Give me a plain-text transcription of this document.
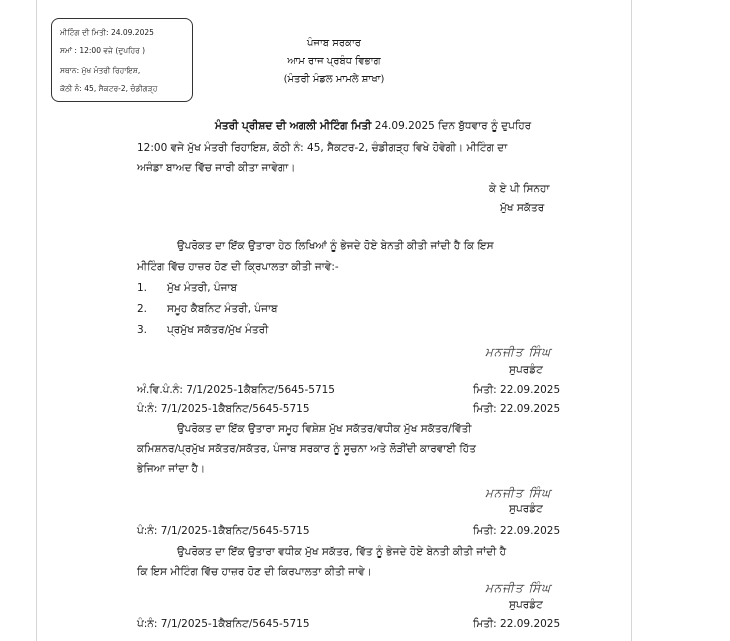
ਮੀਟਿੰਗ ਦੀ ਮਿਤੀ: 24.09.2025
ਸਮਾਂ : 12:00 ਵਜੇ (ਦੁਪਹਿਰ )
ਸਥਾਨ: ਮੁੱਖ ਮੰਤਰੀ ਰਿਹਾਇਸ਼,
ਕੋਠੀ ਨੰ: 45, ਸੈਕਟਰ-2, ਚੰਡੀਗੜ੍ਹ
ਪੰਜਾਬ ਸਰਕਾਰ
ਆਮ ਰਾਜ ਪ੍ਰਬੰਧ ਵਿਭਾਗ
(ਮੰਤਰੀ ਮੰਡਲ ਮਾਮਲੇ ਸ਼ਾਖਾ)
ਮੰਤਰੀ ਪ੍ਰੀਸ਼ਦ ਦੀ ਅਗਲੀ ਮੀਟਿੰਗ ਮਿਤੀ 24.09.2025 ਦਿਨ ਬੁੱਧਵਾਰ ਨੂੰ ਦੁਪਹਿਰ
12:00 ਵਜੇ ਮੁੱਖ ਮੰਤਰੀ ਰਿਹਾਇਸ਼, ਕੋਠੀ ਨੰ: 45, ਸੈਕਟਰ-2, ਚੰਡੀਗੜ੍ਹ ਵਿਖੇ ਹੋਵੇਗੀ। ਮੀਟਿੰਗ ਦਾ
ਅਜੰਡਾ ਬਾਅਦ ਵਿੱਚ ਜਾਰੀ ਕੀਤਾ ਜਾਵੇਗਾ।
ਕੇ ਏ ਪੀ ਸਿਨਹਾ
ਮੁੱਖ ਸਕੱਤਰ
ਉਪਰੋਕਤ ਦਾ ਇੱਕ ਉਤਾਰਾ ਹੇਠ ਲਿਖਿਆਂ ਨੂੰ ਭੇਜਦੇ ਹੋਏ ਬੇਨਤੀ ਕੀਤੀ ਜਾਂਦੀ ਹੈ ਕਿ ਇਸ
ਮੀਟਿੰਗ ਵਿੱਚ ਹਾਜ਼ਰ ਹੋਣ ਦੀ ਕ੍ਰਿਪਾਲਤਾ ਕੀਤੀ ਜਾਵੇ:-
1. ਮੁੱਖ ਮੰਤਰੀ, ਪੰਜਾਬ
2. ਸਮੂਹ ਕੈਬਨਿਟ ਮੰਤਰੀ, ਪੰਜਾਬ
3. ਪ੍ਰਮੁੱਖ ਸਕੱਤਰ/ਮੁੱਖ ਮੰਤਰੀ
ਮਨਜੀਤ ਸਿੰਘ
ਸੁਪਰਡੰਟ
ਅੰ.ਵਿ.ਪੰ.ਨੰ: 7/1/2025-1ਕੈਬਨਿਟ/5645-5715	ਮਿਤੀ: 22.09.2025
ਪੰ:ਨੰ: 7/1/2025-1ਕੈਬਨਿਟ/5645-5715	ਮਿਤੀ: 22.09.2025
ਉਪਰੋਕਤ ਦਾ ਇੱਕ ਉਤਾਰਾ ਸਮੂਹ ਵਿਸ਼ੇਸ਼ ਮੁੱਖ ਸਕੱਤਰ/ਵਧੀਕ ਮੁੱਖ ਸਕੱਤਰ/ਵਿੱਤੀ
ਕਮਿਸ਼ਨਰ/ਪ੍ਰਮੁੱਖ ਸਕੱਤਰ/ਸਕੱਤਰ, ਪੰਜਾਬ ਸਰਕਾਰ ਨੂੰ ਸੂਚਨਾ ਅਤੇ ਲੋੜੀਂਦੀ ਕਾਰਵਾਈ ਹਿੱਤ
ਭੇਜਿਆ ਜਾਂਦਾ ਹੈ।
ਮਨਜੀਤ ਸਿੰਘ
ਸੁਪਰਡੰਟ
ਪੰ:ਨੰ: 7/1/2025-1ਕੈਬਨਿਟ/5645-5715	ਮਿਤੀ: 22.09.2025
ਉਪਰੋਕਤ ਦਾ ਇੱਕ ਉਤਾਰਾ ਵਧੀਕ ਮੁੱਖ ਸਕੱਤਰ, ਵਿੱਤ ਨੂੰ ਭੇਜਦੇ ਹੋਏ ਬੇਨਤੀ ਕੀਤੀ ਜਾਂਦੀ ਹੈ
ਕਿ ਇਸ ਮੀਟਿੰਗ ਵਿੱਚ ਹਾਜ਼ਰ ਹੋਣ ਦੀ ਕਿਰਪਾਲਤਾ ਕੀਤੀ ਜਾਵੇ।
ਮਨਜੀਤ ਸਿੰਘ
ਸੁਪਰਡੰਟ
ਪੰ:ਨੰ: 7/1/2025-1ਕੈਬਨਿਟ/5645-5715	ਮਿਤੀ: 22.09.2025
